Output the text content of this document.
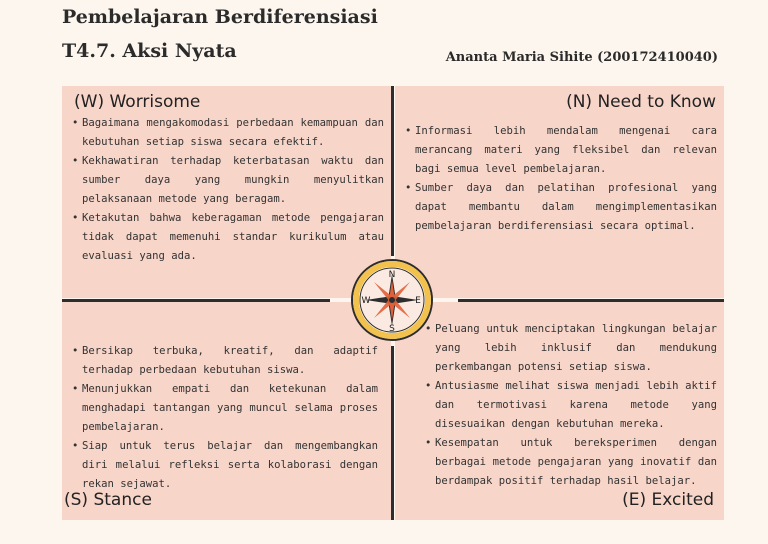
Pembelajaran Berdiferensiasi
T4.7. Aksi Nyata	Ananta Maria Sihite (200172410040)
(W) Worrisome
• Bagaimana mengakomodasi perbedaan kemampuan dan kebutuhan setiap siswa secara efektif.
• Kekhawatiran terhadap keterbatasan waktu dan sumber daya yang mungkin menyulitkan pelaksanaan metode yang beragam.
• Ketakutan bahwa keberagaman metode pengajaran tidak dapat memenuhi standar kurikulum atau evaluasi yang ada.
(N) Need to Know
• Informasi lebih mendalam mengenai cara merancang materi yang fleksibel dan relevan bagi semua level pembelajaran.
• Sumber daya dan pelatihan profesional yang dapat membantu dalam mengimplementasikan pembelajaran berdiferensiasi secara optimal.
• Bersikap terbuka, kreatif, dan adaptif terhadap perbedaan kebutuhan siswa.
• Menunjukkan empati dan ketekunan dalam menghadapi tantangan yang muncul selama proses pembelajaran.
• Siap untuk terus belajar dan mengembangkan diri melalui refleksi serta kolaborasi dengan rekan sejawat.
(S) Stance
• Peluang untuk menciptakan lingkungan belajar yang lebih inklusif dan mendukung perkembangan potensi setiap siswa.
• Antusiasme melihat siswa menjadi lebih aktif dan termotivasi karena metode yang disesuaikan dengan kebutuhan mereka.
• Kesempatan untuk bereksperimen dengan berbagai metode pengajaran yang inovatif dan berdampak positif terhadap hasil belajar.
(E) Excited
N
S
E
W
